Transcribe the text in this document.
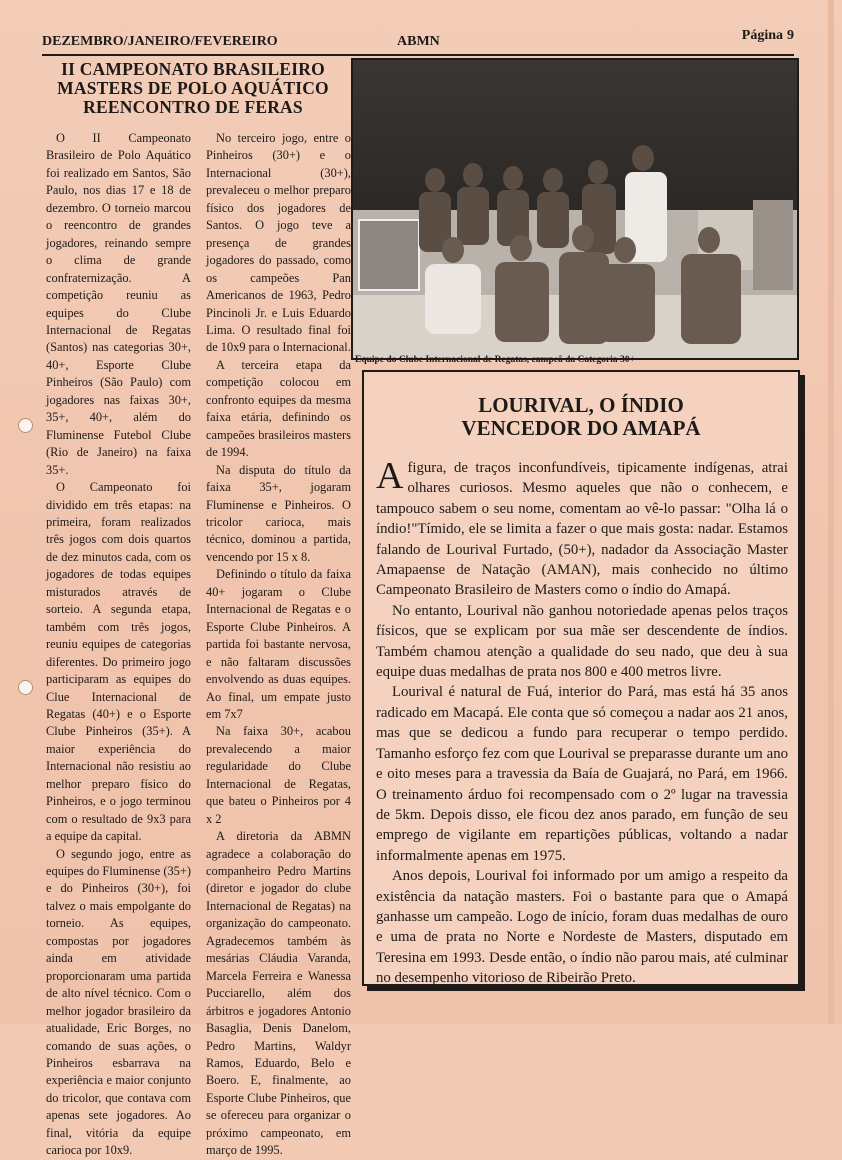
DEZEMBRO/JANEIRO/FEVEREIRO	ABMN	Página 9
II CAMPEONATO BRASILEIRO
MASTERS DE POLO AQUÁTICO
REENCONTRO DE FERAS

O II Campeonato Brasileiro de Polo Aquático foi realizado em Santos, São Paulo, nos dias 17 e 18 de dezembro. O torneio marcou o reencontro de grandes jogadores, reinando sempre o clima de grande confraternização. A competição reuniu as equipes do Clube Internacional de Regatas (Santos) nas categorias 30+, 40+, Esporte Clube Pinheiros (São Paulo) com jogadores nas faixas 30+, 35+, 40+, além do Fluminense Futebol Clube (Rio de Janeiro) na faixa 35+.

O Campeonato foi dividido em três etapas: na primeira, foram realizados três jogos com dois quartos de dez minutos cada, com os jogadores de todas equipes misturados através de sorteio. A segunda etapa, também com três jogos, reuniu equipes de categorias diferentes. Do primeiro jogo participaram as equipes do Clue Internacional de Regatas (40+) e o Esporte Clube Pinheiros (35+). A maior experiência do Internacional não resistiu ao melhor preparo físico do Pinheiros, e o jogo terminou com o resultado de 9x3 para a equipe da capital.

O segundo jogo, entre as equipes do Fluminense (35+) e do Pinheiros (30+), foi talvez o mais empolgante do torneio. As equipes, compostas por jogadores ainda em atividade proporcionaram uma partida de alto nível técnico. Com o melhor jogador brasileiro da atualidade, Eric Borges, no comando de suas ações, o Pinheiros esbarrava na experiência e maior conjunto do tricolor, que contava com apenas sete jogadores. Ao final, vitória da equipe carioca por 10x9.

No terceiro jogo, entre o Pinheiros (30+) e o Internacional (30+), prevaleceu o melhor preparo físico dos jogadores de Santos. O jogo teve a presença de grandes jogadores do passado, como os campeões Pan Americanos de 1963, Pedro Pincinoli Jr. e Luis Eduardo Lima. O resultado final foi de 10x9 para o Internacional.

A terceira etapa da competição colocou em confronto equipes da mesma faixa etária, definindo os campeões brasileiros masters de 1994.

Na disputa do título da faixa 35+, jogaram Fluminense e Pinheiros. O tricolor carioca, mais técnico, dominou a partida, vencendo por 15 x 8.

Definindo o título da faixa 40+ jogaram o Clube Internacional de Regatas e o Esporte Clube Pinheiros. A partida foi bastante nervosa, e não faltaram discussões envolvendo as duas equipes. Ao final, um empate justo em 7x7

Na faixa 30+, acabou prevalecendo a maior regularidade do Clube Internacional de Regatas, que bateu o Pinheiros por 4 x 2

A diretoria da ABMN agradece a colaboração do companheiro Pedro Martins (diretor e jogador do clube Internacional de Regatas) na organização do campeonato. Agradecemos também às mesárias Cláudia Varanda, Marcela Ferreira e Wanessa Pucciarello, além dos árbitros e jogadores Antonio Basaglia, Denis Danelom, Pedro Martins, Waldyr Ramos, Eduardo, Belo e Boero. E, finalmente, ao Esporte Clube Pinheiros, que se ofereceu para organizar o próximo campeonato, em março de 1995.

Equipe do Clube Internacional de Regatas, campeã da Categoria 30+
LOURIVAL, O ÍNDIO
VENCEDOR DO AMAPÁ

Afigura, de traços inconfundíveis, tipicamente indígenas, atrai olhares curiosos. Mesmo aqueles que não o conhecem, e tampouco sabem o seu nome, comentam ao vê-lo passar: "Olha lá o índio!"Tímido, ele se limita a fazer o que mais gosta: nadar. Estamos falando de Lourival Furtado, (50+), nadador da Associação Master Amapaense de Natação (AMAN), mais conhecido no último Campeonato Brasileiro de Masters como o índio do Amapá.

No entanto, Lourival não ganhou notoriedade apenas pelos traços físicos, que se explicam por sua mãe ser descendente de índios. Também chamou atenção a qualidade do seu nado, que deu à sua equipe duas medalhas de prata nos 800 e 400 metros livre.

Lourival é natural de Fuá, interior do Pará, mas está há 35 anos radicado em Macapá. Ele conta que só começou a nadar aos 21 anos, mas que se dedicou a fundo para recuperar o tempo perdido. Tamanho esforço fez com que Lourival se preparasse durante um ano e oito meses para a travessia da Baía de Guajará, no Pará, em 1966. O treinamento árduo foi recompensado com o 2º lugar na travessia de 5km. Depois disso, ele ficou dez anos parado, em função de seu emprego de vigilante em repartições públicas, voltando a nadar informalmente apenas em 1975.

Anos depois, Lourival foi informado por um amigo a respeito da existência da natação masters. Foi o bastante para que o Amapá ganhasse um campeão. Logo de início, foram duas medalhas de ouro e uma de prata no Norte e Nordeste de Masters, disputado em Teresina em 1993. Desde então, o índio não parou mais, até culminar no desempenho vitorioso de Ribeirão Preto.
